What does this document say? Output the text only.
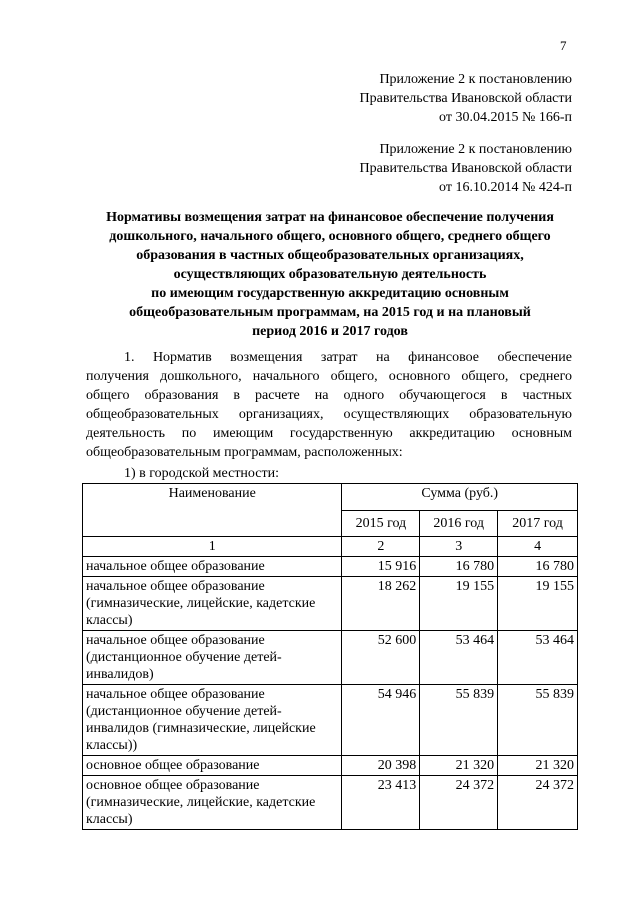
7
Приложение 2 к постановлению
Правительства Ивановской области
от 30.04.2015 № 166-п
Приложение 2 к постановлению
Правительства Ивановской области
от 16.10.2014 № 424-п
Нормативы возмещения затрат на финансовое обеспечение получения
дошкольного, начального общего, основного общего, среднего общего
образования в частных общеобразовательных организациях,
осуществляющих образовательную деятельность
по имеющим государственную аккредитацию основным
общеобразовательным программам, на 2015 год и на плановый
период 2016 и 2017 годов
1. Норматив возмещения затрат на финансовое обеспечение
получения дошкольного, начального общего, основного общего, среднего
общего образования в расчете на одного обучающегося в частных
общеобразовательных организациях, осуществляющих образовательную
деятельность по имеющим государственную аккредитацию основным
общеобразовательным программам, расположенных:
1) в городской местности:
Наименование	Сумма (руб.)		
	2015 год	2016 год	2017 год
1	2	3	4
начальное общее образование	15 916	16 780	16 780
начальное общее образование (гимназические, лицейские, кадетские классы)	18 262	19 155	19 155
начальное общее образование (дистанционное обучение детей-инвалидов)	52 600	53 464	53 464
начальное общее образование (дистанционное обучение детей-инвалидов (гимназические, лицейские классы))	54 946	55 839	55 839
основное общее образование	20 398	21 320	21 320
основное общее образование (гимназические, лицейские, кадетские классы)	23 413	24 372	24 372
